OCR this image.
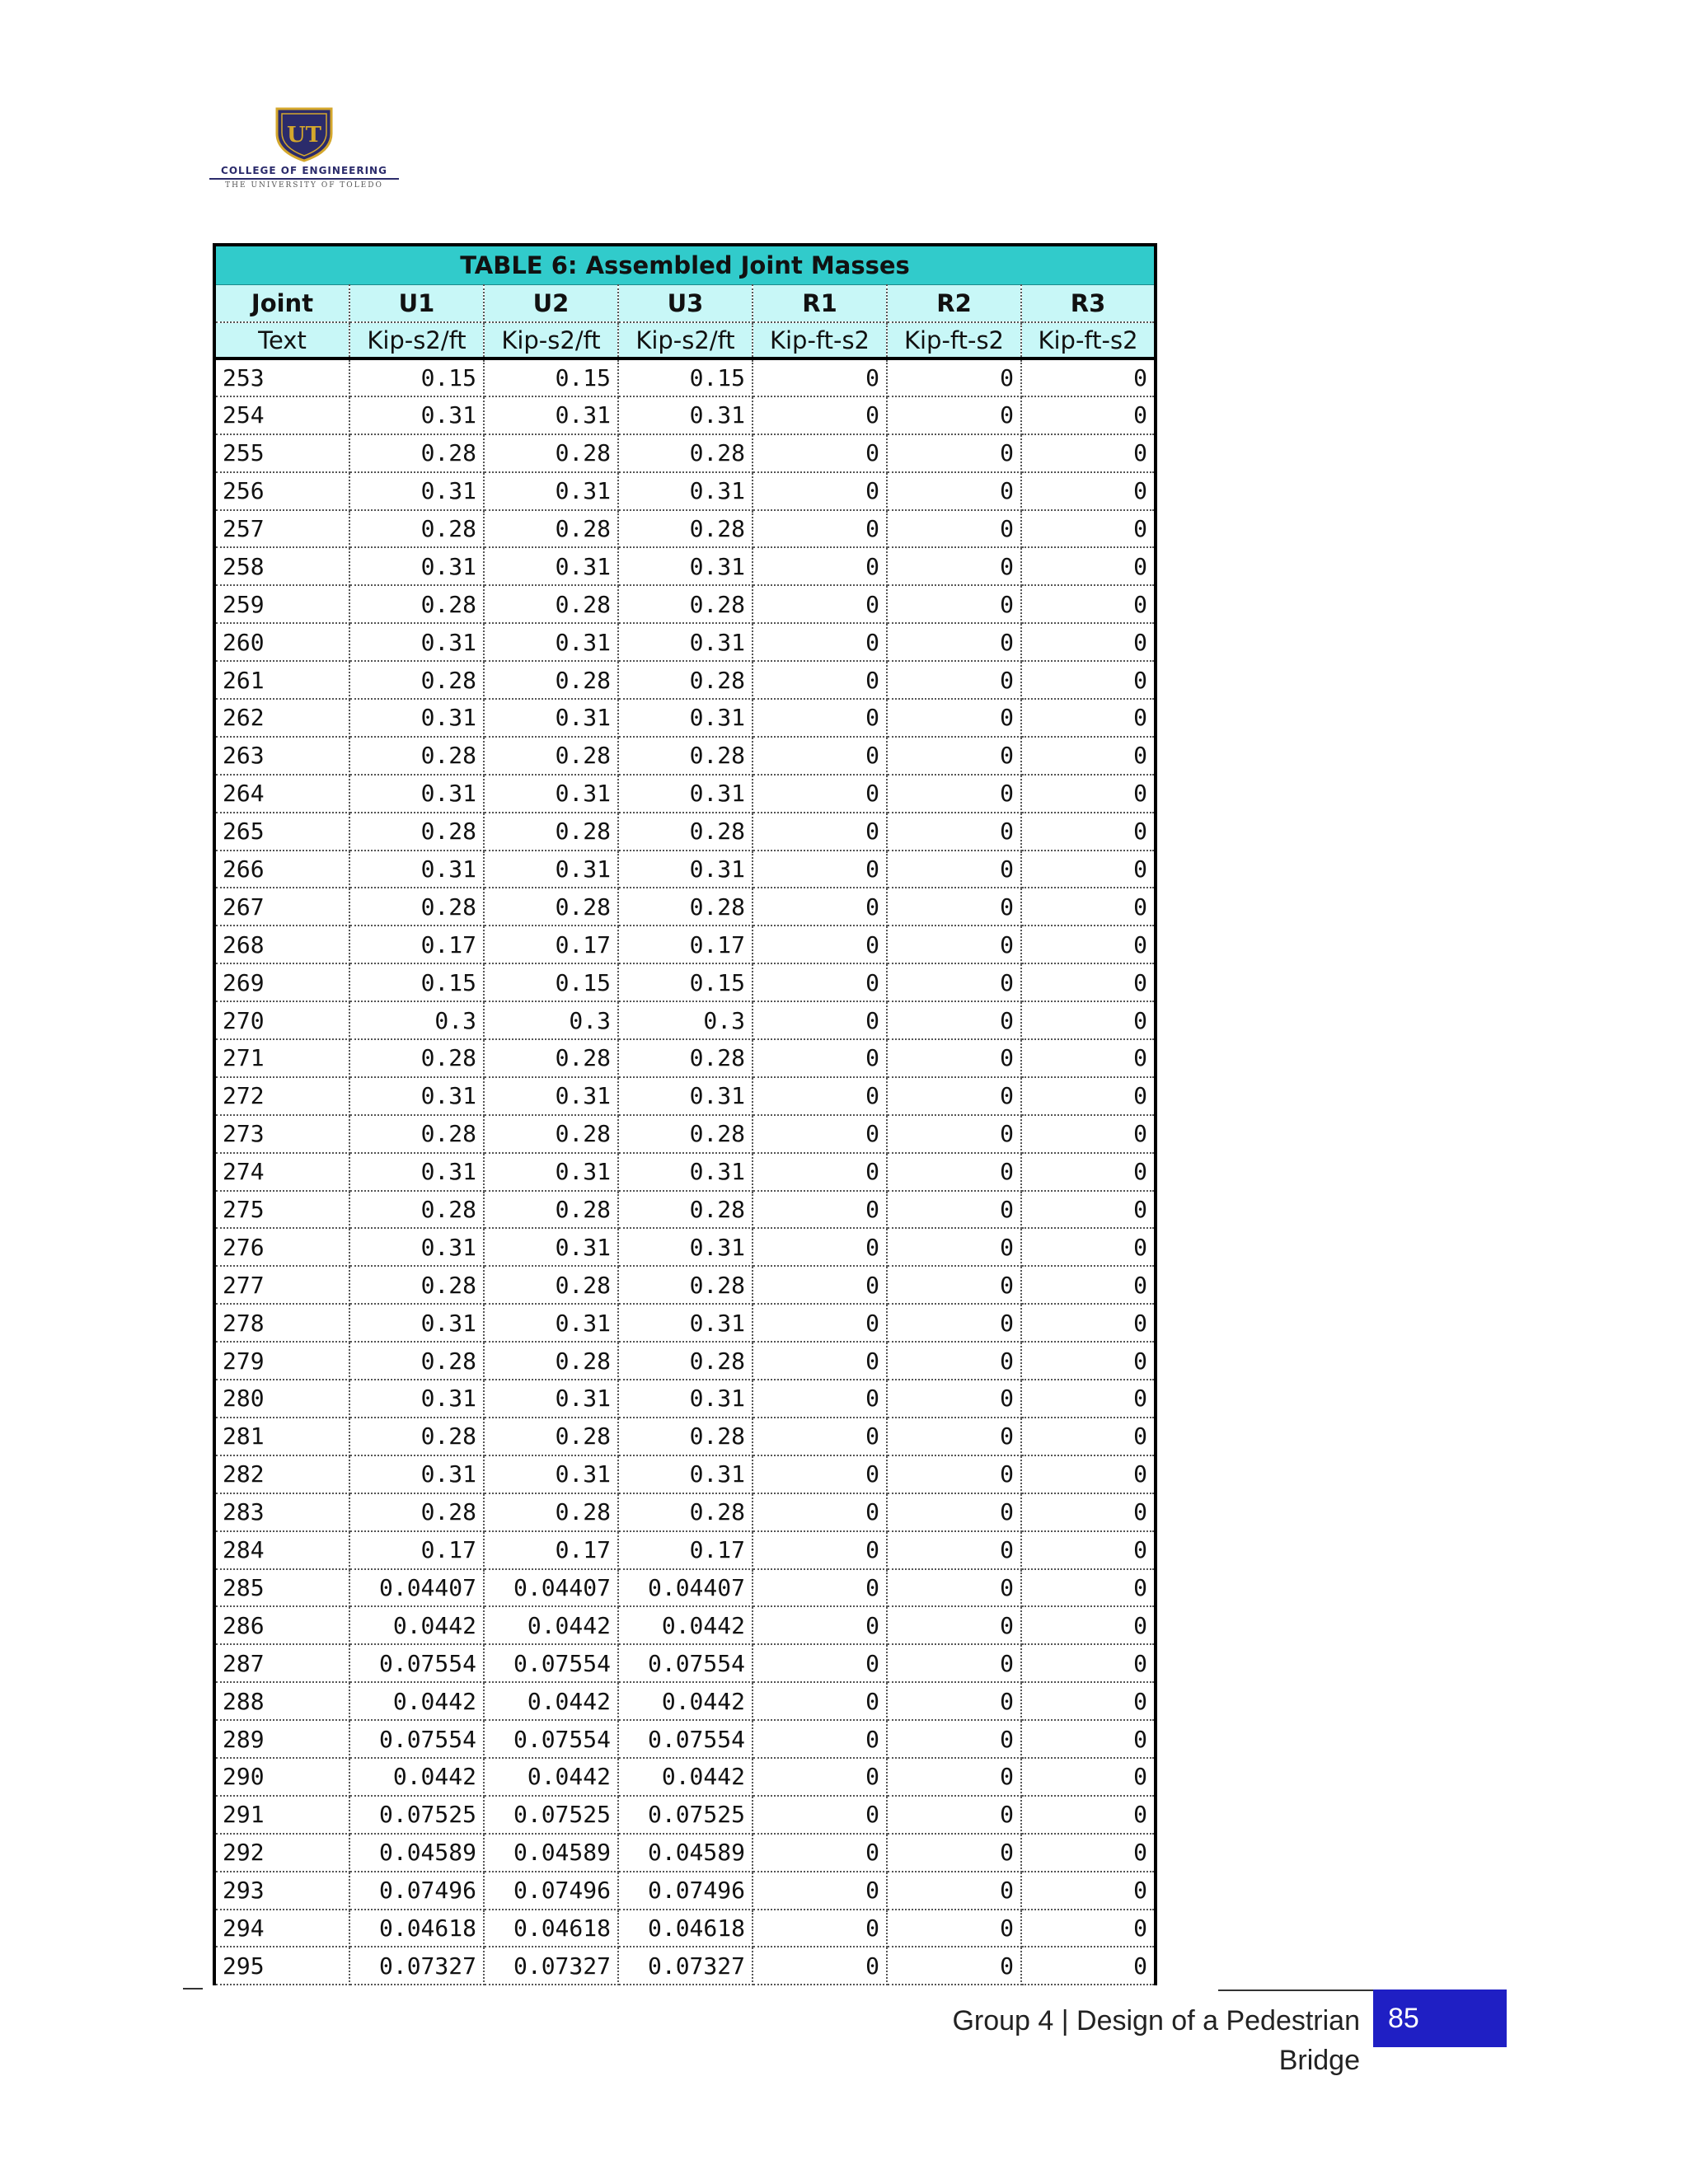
UT
COLLEGE OF ENGINEERING
THE UNIVERSITY OF TOLEDO
TABLE 6: Assembled Joint Masses						
Joint	U1	U2	U3	R1	R2	R3
Text	Kip-s2/ft	Kip-s2/ft	Kip-s2/ft	Kip-ft-s2	Kip-ft-s2	Kip-ft-s2
253	0.15	0.15	0.15	0	0	0
254	0.31	0.31	0.31	0	0	0
255	0.28	0.28	0.28	0	0	0
256	0.31	0.31	0.31	0	0	0
257	0.28	0.28	0.28	0	0	0
258	0.31	0.31	0.31	0	0	0
259	0.28	0.28	0.28	0	0	0
260	0.31	0.31	0.31	0	0	0
261	0.28	0.28	0.28	0	0	0
262	0.31	0.31	0.31	0	0	0
263	0.28	0.28	0.28	0	0	0
264	0.31	0.31	0.31	0	0	0
265	0.28	0.28	0.28	0	0	0
266	0.31	0.31	0.31	0	0	0
267	0.28	0.28	0.28	0	0	0
268	0.17	0.17	0.17	0	0	0
269	0.15	0.15	0.15	0	0	0
270	0.3	0.3	0.3	0	0	0
271	0.28	0.28	0.28	0	0	0
272	0.31	0.31	0.31	0	0	0
273	0.28	0.28	0.28	0	0	0
274	0.31	0.31	0.31	0	0	0
275	0.28	0.28	0.28	0	0	0
276	0.31	0.31	0.31	0	0	0
277	0.28	0.28	0.28	0	0	0
278	0.31	0.31	0.31	0	0	0
279	0.28	0.28	0.28	0	0	0
280	0.31	0.31	0.31	0	0	0
281	0.28	0.28	0.28	0	0	0
282	0.31	0.31	0.31	0	0	0
283	0.28	0.28	0.28	0	0	0
284	0.17	0.17	0.17	0	0	0
285	0.04407	0.04407	0.04407	0	0	0
286	0.0442	0.0442	0.0442	0	0	0
287	0.07554	0.07554	0.07554	0	0	0
288	0.0442	0.0442	0.0442	0	0	0
289	0.07554	0.07554	0.07554	0	0	0
290	0.0442	0.0442	0.0442	0	0	0
291	0.07525	0.07525	0.07525	0	0	0
292	0.04589	0.04589	0.04589	0	0	0
293	0.07496	0.07496	0.07496	0	0	0
294	0.04618	0.04618	0.04618	0	0	0
295	0.07327	0.07327	0.07327	0	0	0
Group 4 | Design of a Pedestrian Bridge
85
